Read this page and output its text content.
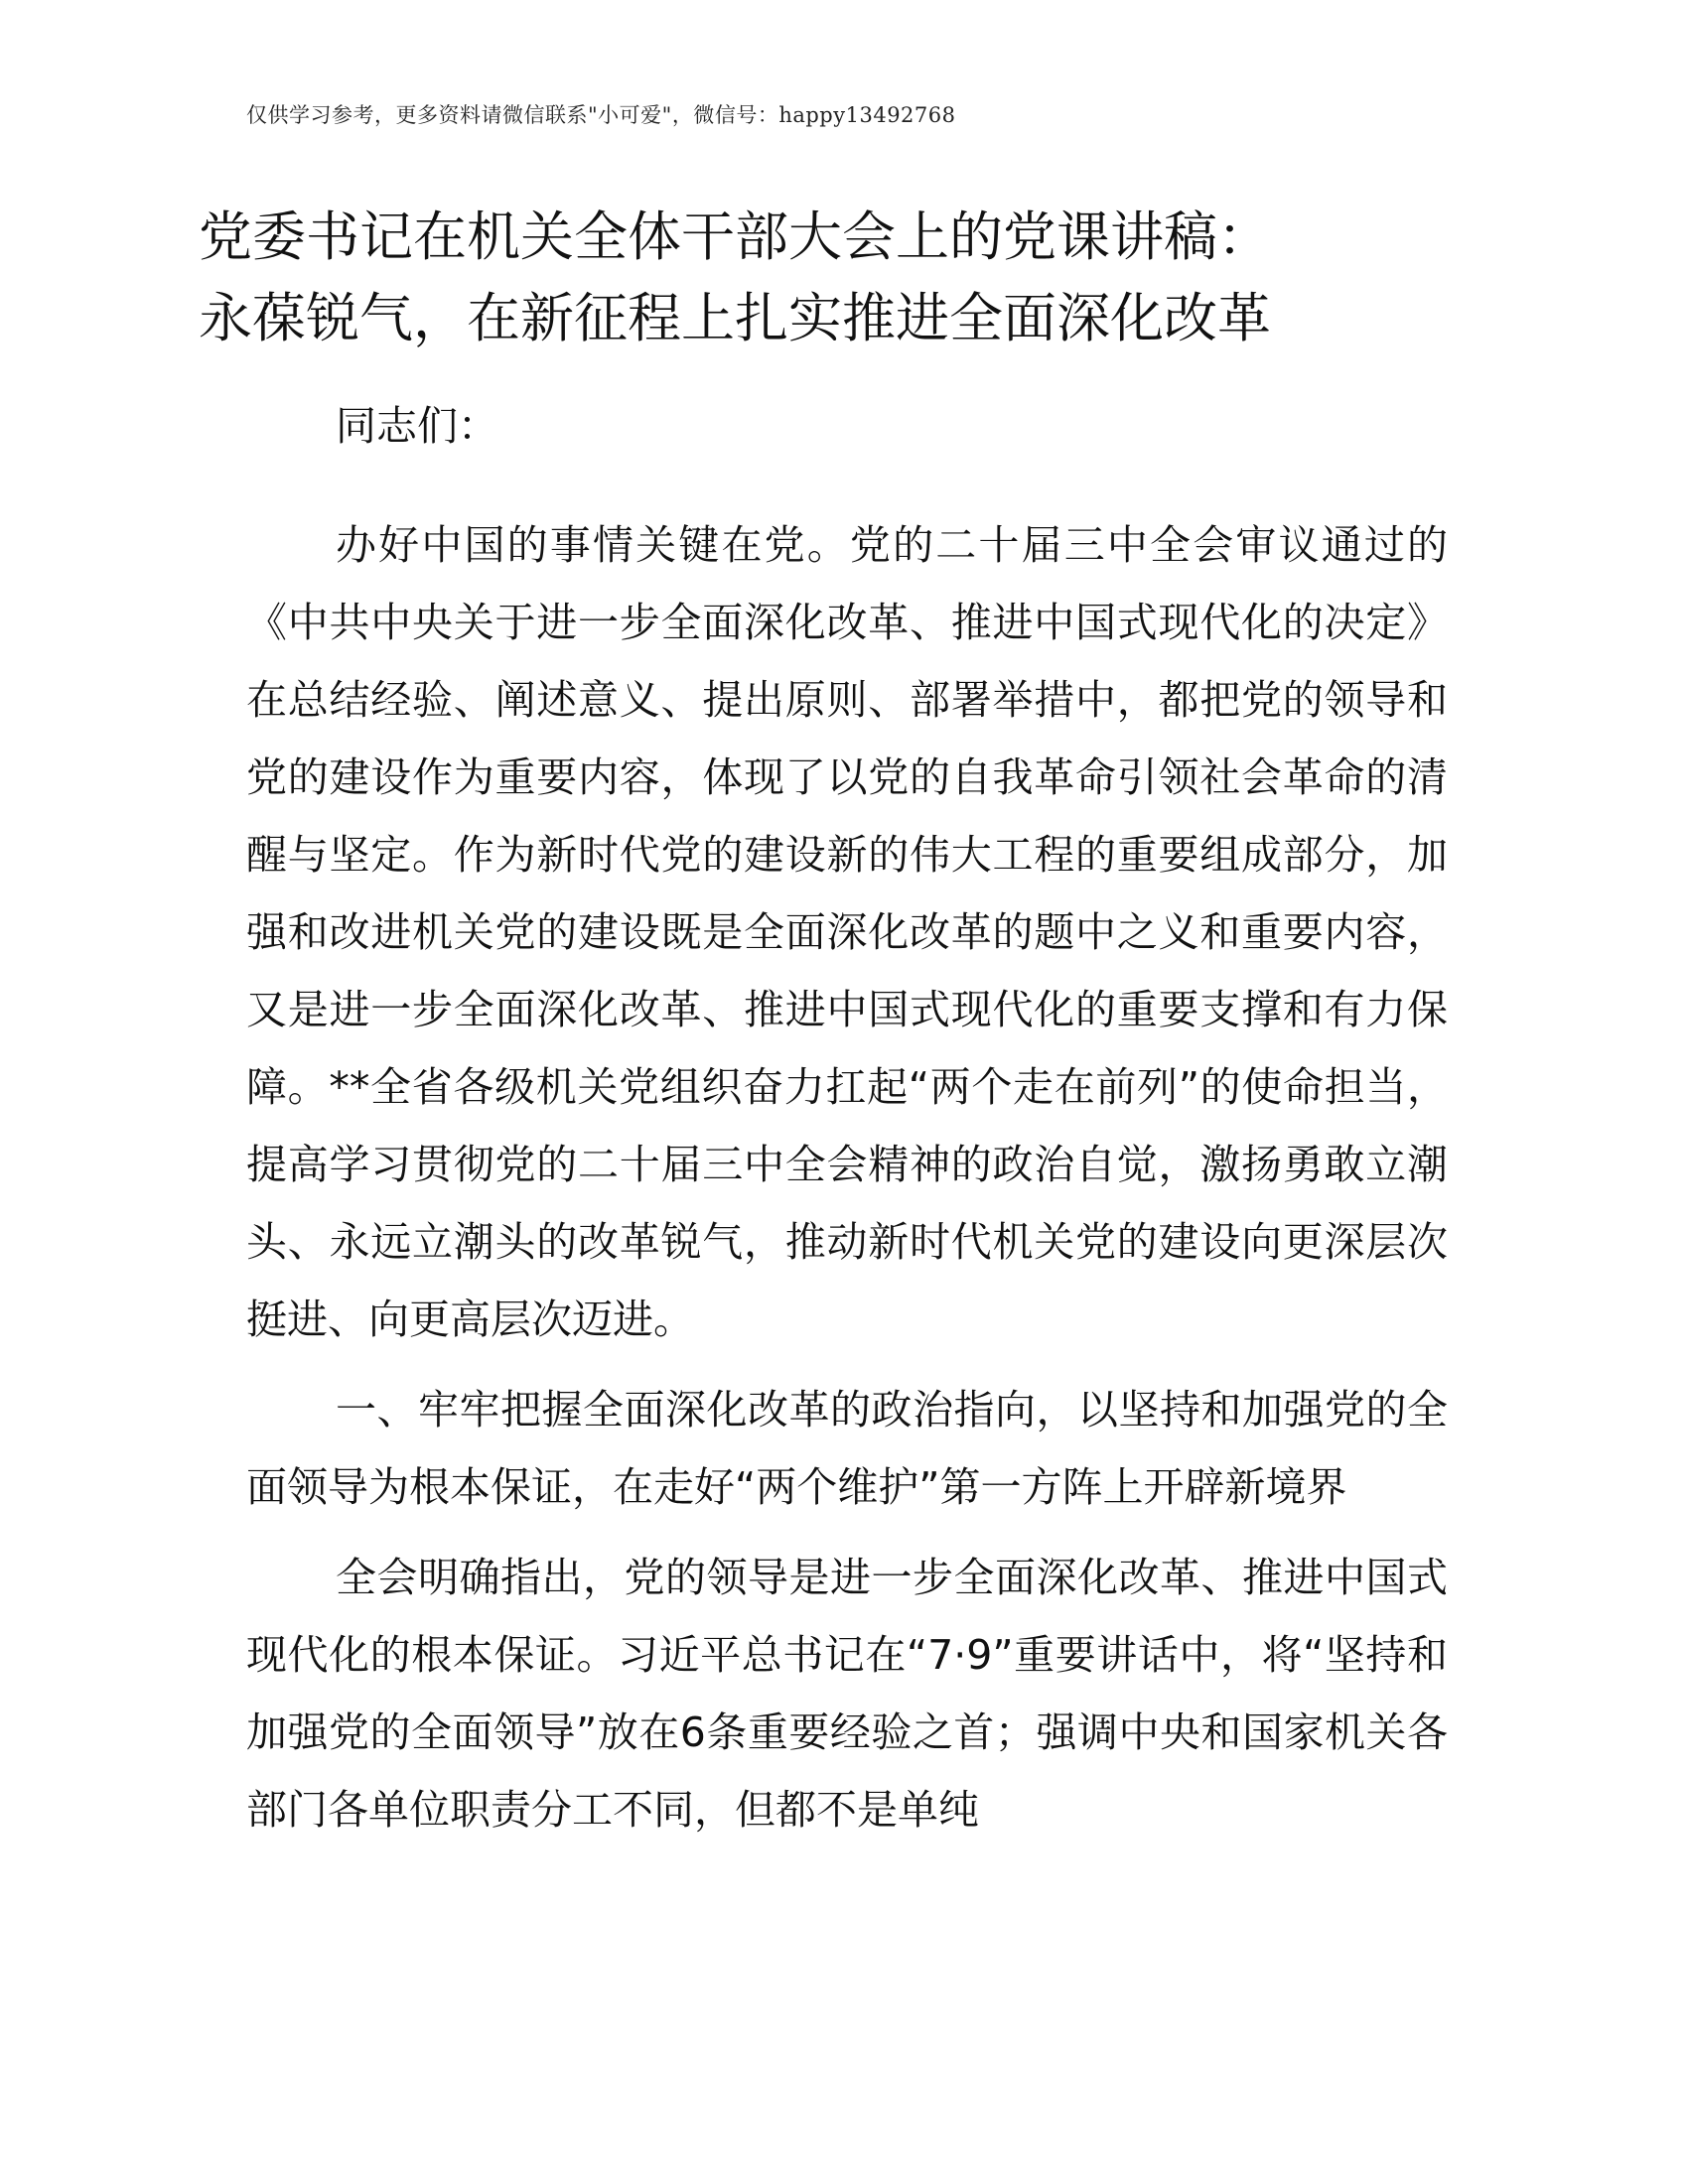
仅供学习参考，更多资料请微信联系"小可爱"，微信号：happy13492768
党委书记在机关全体干部大会上的党课讲稿：
永葆锐气，在新征程上扎实推进全面深化改革

同志们：

办好中国的事情关键在党。党的二十届三中全会审议通过的《中共中央关于进一步全面深化改革、推进中国式现代化的决定》在总结经验、阐述意义、提出原则、部署举措中，都把党的领导和党的建设作为重要内容，体现了以党的自我革命引领社会革命的清醒与坚定。作为新时代党的建设新的伟大工程的重要组成部分，加强和改进机关党的建设既是全面深化改革的题中之义和重要内容，又是进一步全面深化改革、推进中国式现代化的重要支撑和有力保障。**全省各级机关党组织奋力扛起“两个走在前列”的使命担当，提高学习贯彻党的二十届三中全会精神的政治自觉，激扬勇敢立潮头、永远立潮头的改革锐气，推动新时代机关党的建设向更深层次挺进、向更高层次迈进。

一、牢牢把握全面深化改革的政治指向，以坚持和加强党的全面领导为根本保证，在走好“两个维护”第一方阵上开辟新境界

全会明确指出，党的领导是进一步全面深化改革、推进中国式现代化的根本保证。习近平总书记在“7·9”重要讲话中，将“坚持和加强党的全面领导”放在6条重要经验之首；强调中央和国家机关各部门各单位职责分工不同，但都不是单纯
